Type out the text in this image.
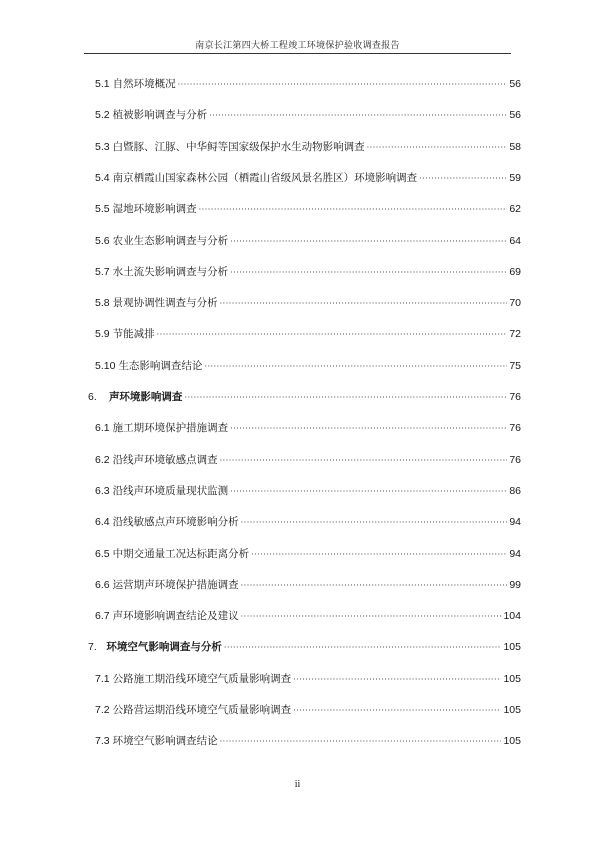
南京长江第四大桥工程竣工环境保护验收调查报告
5.1 自然环境概况 ·····	56
5.2 植被影响调查与分析 ·····	56
5.3 白暨豚、江豚、中华鲟等国家级保护水生动物影响调查 ·····	58
5.4 南京栖霞山国家森林公园（栖霞山省级风景名胜区）环境影响调查 ·····	59
5.5 湿地环境影响调查 ·····	62
5.6 农业生态影响调查与分析 ·····	64
5.7 水土流失影响调查与分析 ·····	69
5.8 景观协调性调查与分析 ·····	70
5.9 节能减排 ·····	72
5.10 生态影响调查结论 ·····	75
6.	声环境影响调查 ·····	76
6.1 施工期环境保护措施调查 ·····	76
6.2 沿线声环境敏感点调查 ·····	76
6.3 沿线声环境质量现状监测 ·····	86
6.4 沿线敏感点声环境影响分析 ·····	94
6.5 中期交通量工况达标距离分析 ·····	94
6.6 运营期声环境保护措施调查 ·····	99
6.7 声环境影响调查结论及建议 ·····	104
7. 环境空气影响调查与分析 ·····	105
7.1 公路施工期沿线环境空气质量影响调查 ·····	105
7.2 公路营运期沿线环境空气质量影响调查 ·····	105
7.3 环境空气影响调查结论 ·····	105
ii
